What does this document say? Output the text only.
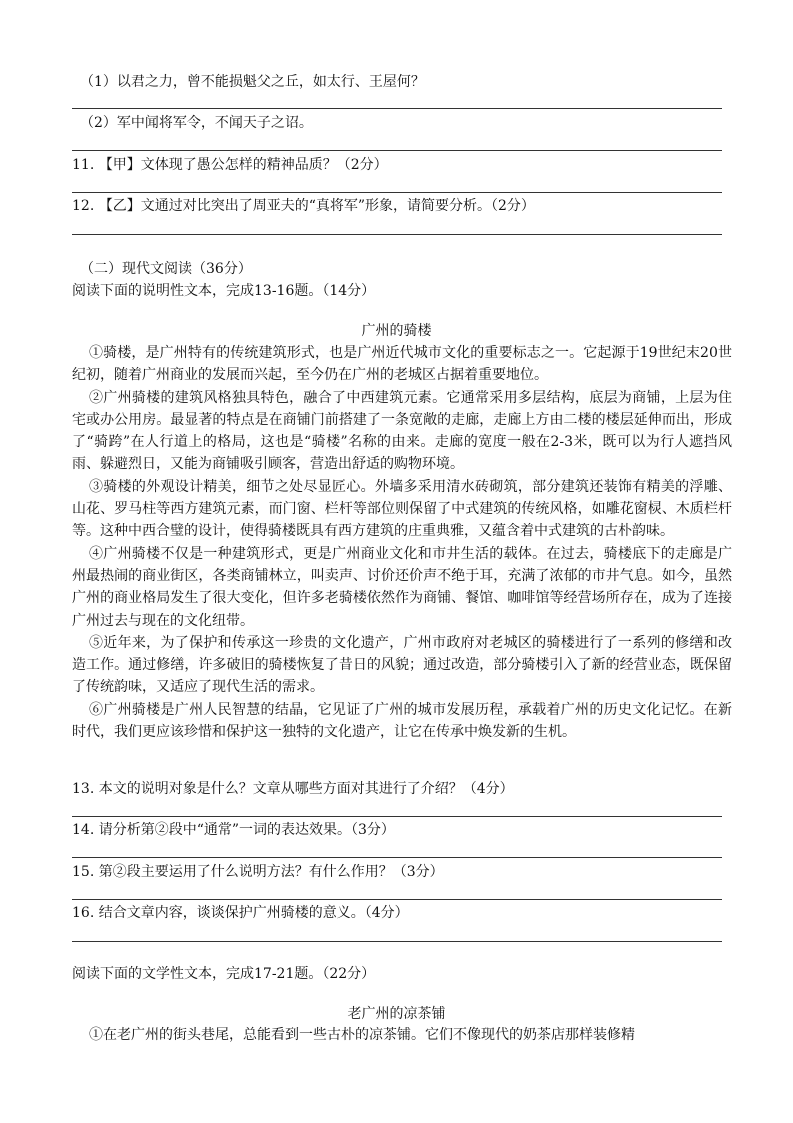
（1）以君之力，曾不能损魁父之丘，如太行、王屋何？
（2）军中闻将军令，不闻天子之诏。
11. 【甲】文体现了愚公怎样的精神品质？（2分）
12. 【乙】文通过对比突出了周亚夫的“真将军”形象，请简要分析。（2分）
（二）现代文阅读（36分）
阅读下面的说明性文本，完成13-16题。（14分）
广州的骑楼
①骑楼，是广州特有的传统建筑形式，也是广州近代城市文化的重要标志之一。它起源于19世纪末20世纪初，随着广州商业的发展而兴起，至今仍在广州的老城区占据着重要地位。
②广州骑楼的建筑风格独具特色，融合了中西建筑元素。它通常采用多层结构，底层为商铺，上层为住宅或办公用房。最显著的特点是在商铺门前搭建了一条宽敞的走廊，走廊上方由二楼的楼层延伸而出，形成了“骑跨”在人行道上的格局，这也是“骑楼”名称的由来。走廊的宽度一般在2-3米，既可以为行人遮挡风雨、躲避烈日，又能为商铺吸引顾客，营造出舒适的购物环境。
③骑楼的外观设计精美，细节之处尽显匠心。外墙多采用清水砖砌筑，部分建筑还装饰有精美的浮雕、山花、罗马柱等西方建筑元素，而门窗、栏杆等部位则保留了中式建筑的传统风格，如雕花窗棂、木质栏杆等。这种中西合璧的设计，使得骑楼既具有西方建筑的庄重典雅，又蕴含着中式建筑的古朴韵味。
④广州骑楼不仅是一种建筑形式，更是广州商业文化和市井生活的载体。在过去，骑楼底下的走廊是广州最热闹的商业街区，各类商铺林立，叫卖声、讨价还价声不绝于耳，充满了浓郁的市井气息。如今，虽然广州的商业格局发生了很大变化，但许多老骑楼依然作为商铺、餐馆、咖啡馆等经营场所存在，成为了连接广州过去与现在的文化纽带。
⑤近年来，为了保护和传承这一珍贵的文化遗产，广州市政府对老城区的骑楼进行了一系列的修缮和改造工作。通过修缮，许多破旧的骑楼恢复了昔日的风貌；通过改造，部分骑楼引入了新的经营业态，既保留了传统韵味，又适应了现代生活的需求。
⑥广州骑楼是广州人民智慧的结晶，它见证了广州的城市发展历程，承载着广州的历史文化记忆。在新时代，我们更应该珍惜和保护这一独特的文化遗产，让它在传承中焕发新的生机。
13. 本文的说明对象是什么？文章从哪些方面对其进行了介绍？（4分）
14. 请分析第②段中“通常”一词的表达效果。（3分）
15. 第②段主要运用了什么说明方法？有什么作用？（3分）
16. 结合文章内容，谈谈保护广州骑楼的意义。（4分）
阅读下面的文学性文本，完成17-21题。（22分）
老广州的凉茶铺
①在老广州的街头巷尾，总能看到一些古朴的凉茶铺。它们不像现代的奶茶店那样装修精
